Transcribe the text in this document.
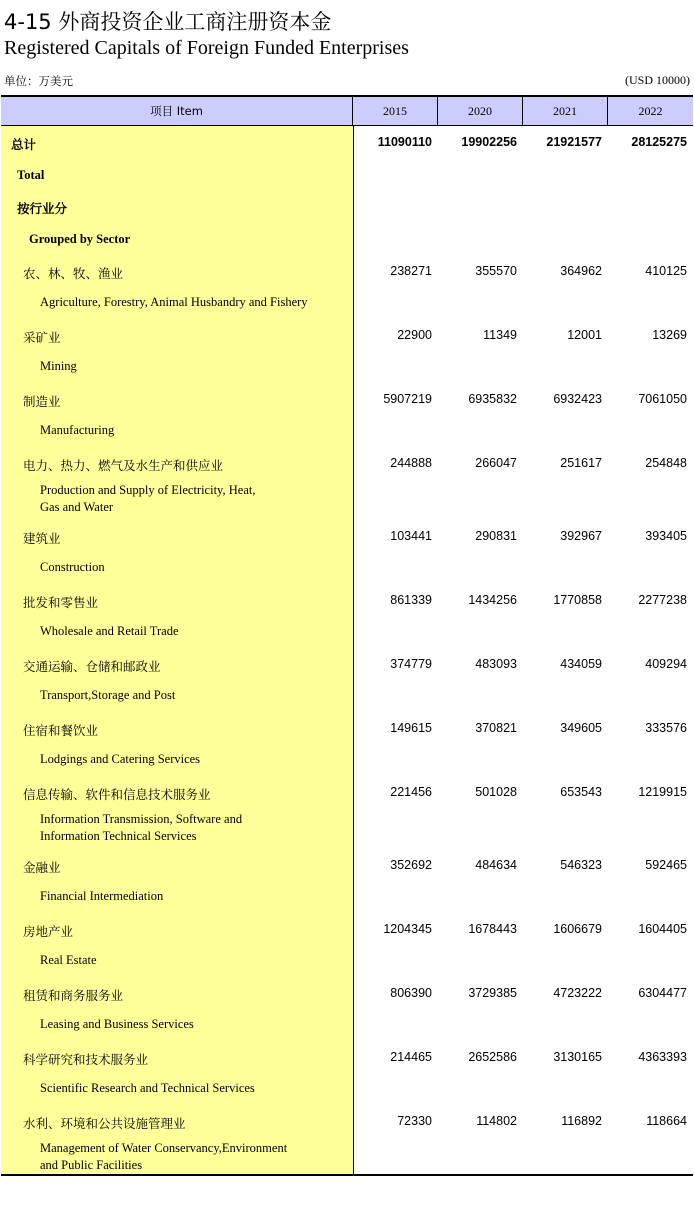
4-15 外商投资企业工商注册资本金
Registered Capitals of Foreign Funded Enterprises
单位：万美元	(USD 10000)
项目 Item	2015	2020	2021	2022
总计	11090110	19902256	21921577	28125275
Total
按行业分
Grouped by Sector
农、林、牧、渔业	238271	355570	364962	410125
Agriculture, Forestry, Animal Husbandry and Fishery
采矿业	22900	11349	12001	13269
Mining
制造业	5907219	6935832	6932423	7061050
Manufacturing
电力、热力、燃气及水生产和供应业	244888	266047	251617	254848
Production and Supply of Electricity, Heat,
Gas and Water
建筑业	103441	290831	392967	393405
Construction
批发和零售业	861339	1434256	1770858	2277238
Wholesale and Retail Trade
交通运输、仓储和邮政业	374779	483093	434059	409294
Transport,Storage and Post
住宿和餐饮业	149615	370821	349605	333576
Lodgings and Catering Services
信息传输、软件和信息技术服务业	221456	501028	653543	1219915
Information Transmission, Software and
Information Technical Services
金融业	352692	484634	546323	592465
Financial Intermediation
房地产业	1204345	1678443	1606679	1604405
Real Estate
租赁和商务服务业	806390	3729385	4723222	6304477
Leasing and Business Services
科学研究和技术服务业	214465	2652586	3130165	4363393
Scientific Research and Technical Services
水利、环境和公共设施管理业	72330	114802	116892	118664
Management of Water Conservancy,Environment
and Public Facilities
